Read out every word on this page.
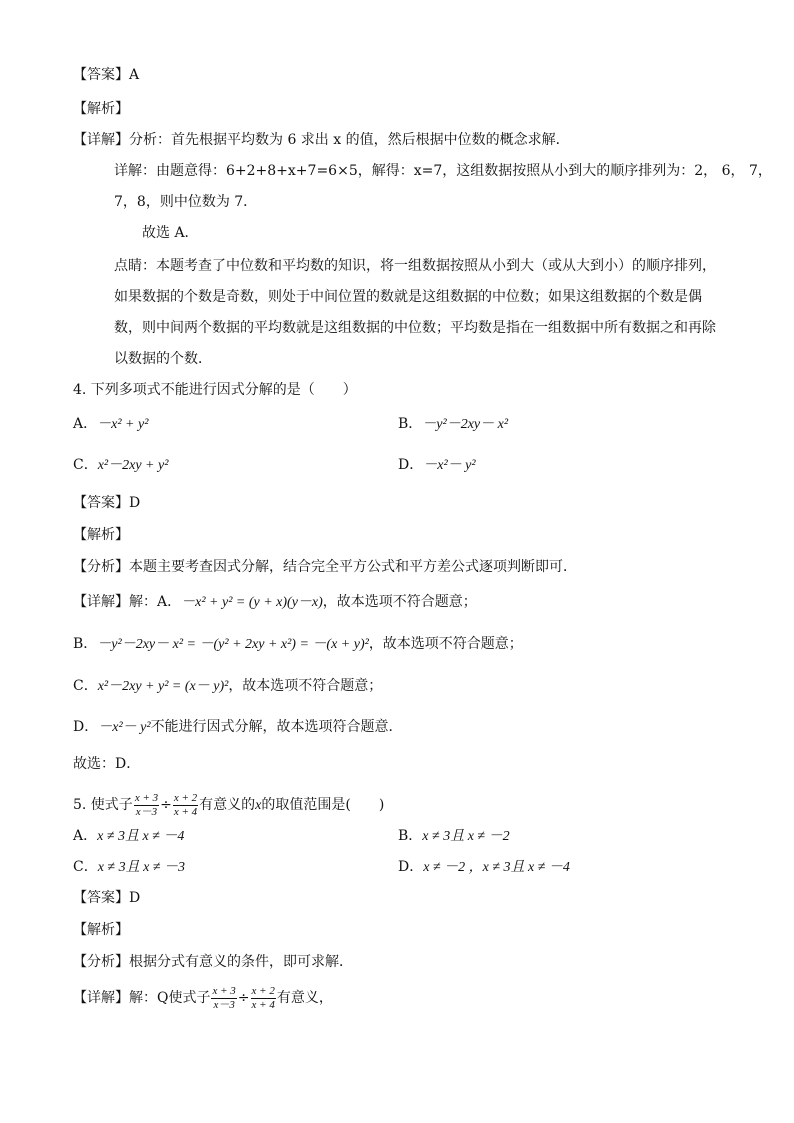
【答案】A
【解析】
【详解】分析：首先根据平均数为 6 求出 x 的值，然后根据中位数的概念求解．
详解：由题意得：6+2+8+x+7=6×5，解得：x=7，这组数据按照从小到大的顺序排列为：2， 6， 7，
7，8，则中位数为 7．
故选 A．
点睛：本题考查了中位数和平均数的知识，将一组数据按照从小到大（或从大到小）的顺序排列，
如果数据的个数是奇数，则处于中间位置的数就是这组数据的中位数；如果这组数据的个数是偶
数，则中间两个数据的平均数就是这组数据的中位数；平均数是指在一组数据中所有数据之和再除
以数据的个数．
4. 下列多项式不能进行因式分解的是（　　）
A．－x² + y²	B．－y²－2xy－ x²
C．x²－2xy + y²	D．－x²－ y²
【答案】D
【解析】
【分析】本题主要考查因式分解，结合完全平方公式和平方差公式逐项判断即可．
【详解】解：A．－x² + y² = (y + x)(y－x)，故本选项不符合题意；
B．－y²－2xy－ x² = －(y² + 2xy + x²) = －(x + y)²，故本选项不符合题意；
C．x²－2xy + y² = (x－ y)²，故本选项不符合题意；
D．－x²－ y²不能进行因式分解，故本选项符合题意．
故选：D．
5. 使式子 $\frac{x + 3}{x-3} \div \frac{x + 2}{x + 4}$ 有意义的x的取值范围是(　　)
A．x ≠ 3且 x ≠ －4	B．x ≠ 3且 x ≠ －2
C．x ≠ 3且 x ≠ －3	D．x ≠ －2 ，x ≠ 3且 x ≠ －4
【答案】D
【解析】
【分析】根据分式有意义的条件，即可求解．
【详解】解：Q使式子 $\frac{x + 3}{x-3} \div \frac{x + 2}{x + 4}$ 有意义，
